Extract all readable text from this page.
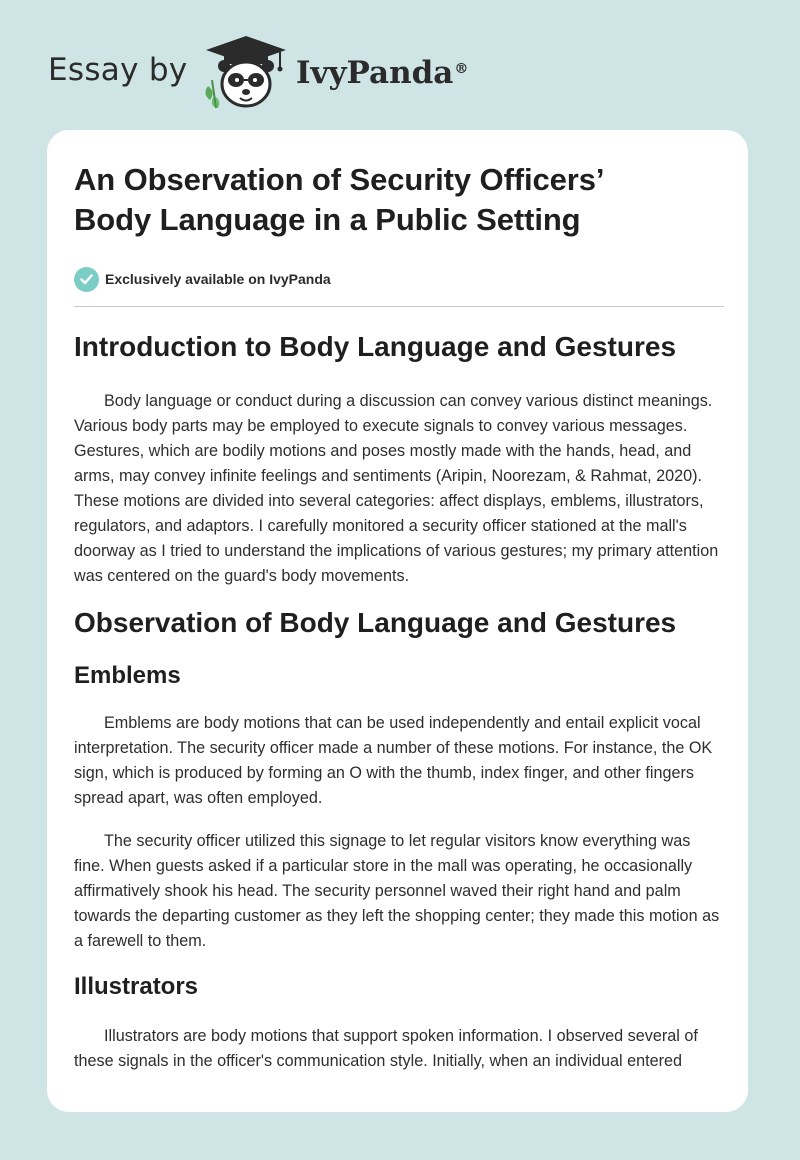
Essay by	IvyPanda®
An Observation of Security Officers’
Body Language in a Public Setting
Exclusively available on IvyPanda
Introduction to Body Language and Gestures

Body language or conduct during a discussion can convey various distinct meanings. Various body parts may be employed to execute signals to convey various messages. Gestures, which are bodily motions and poses mostly made with the hands, head, and arms, may convey infinite feelings and sentiments (Aripin, Noorezam, & Rahmat, 2020). These motions are divided into several categories: affect displays, emblems, illustrators, regulators, and adaptors. I carefully monitored a security officer stationed at the mall's doorway as I tried to understand the implications of various gestures; my primary attention was centered on the guard's body movements.

Observation of Body Language and Gestures
Emblems

Emblems are body motions that can be used independently and entail explicit vocal interpretation. The security officer made a number of these motions. For instance, the OK sign, which is produced by forming an O with the thumb, index finger, and other fingers spread apart, was often employed.

The security officer utilized this signage to let regular visitors know everything was fine. When guests asked if a particular store in the mall was operating, he occasionally affirmatively shook his head. The security personnel waved their right hand and palm towards the departing customer as they left the shopping center; they made this motion as a farewell to them.

Illustrators

Illustrators are body motions that support spoken information. I observed several of these signals in the officer's communication style. Initially, when an individual entered
